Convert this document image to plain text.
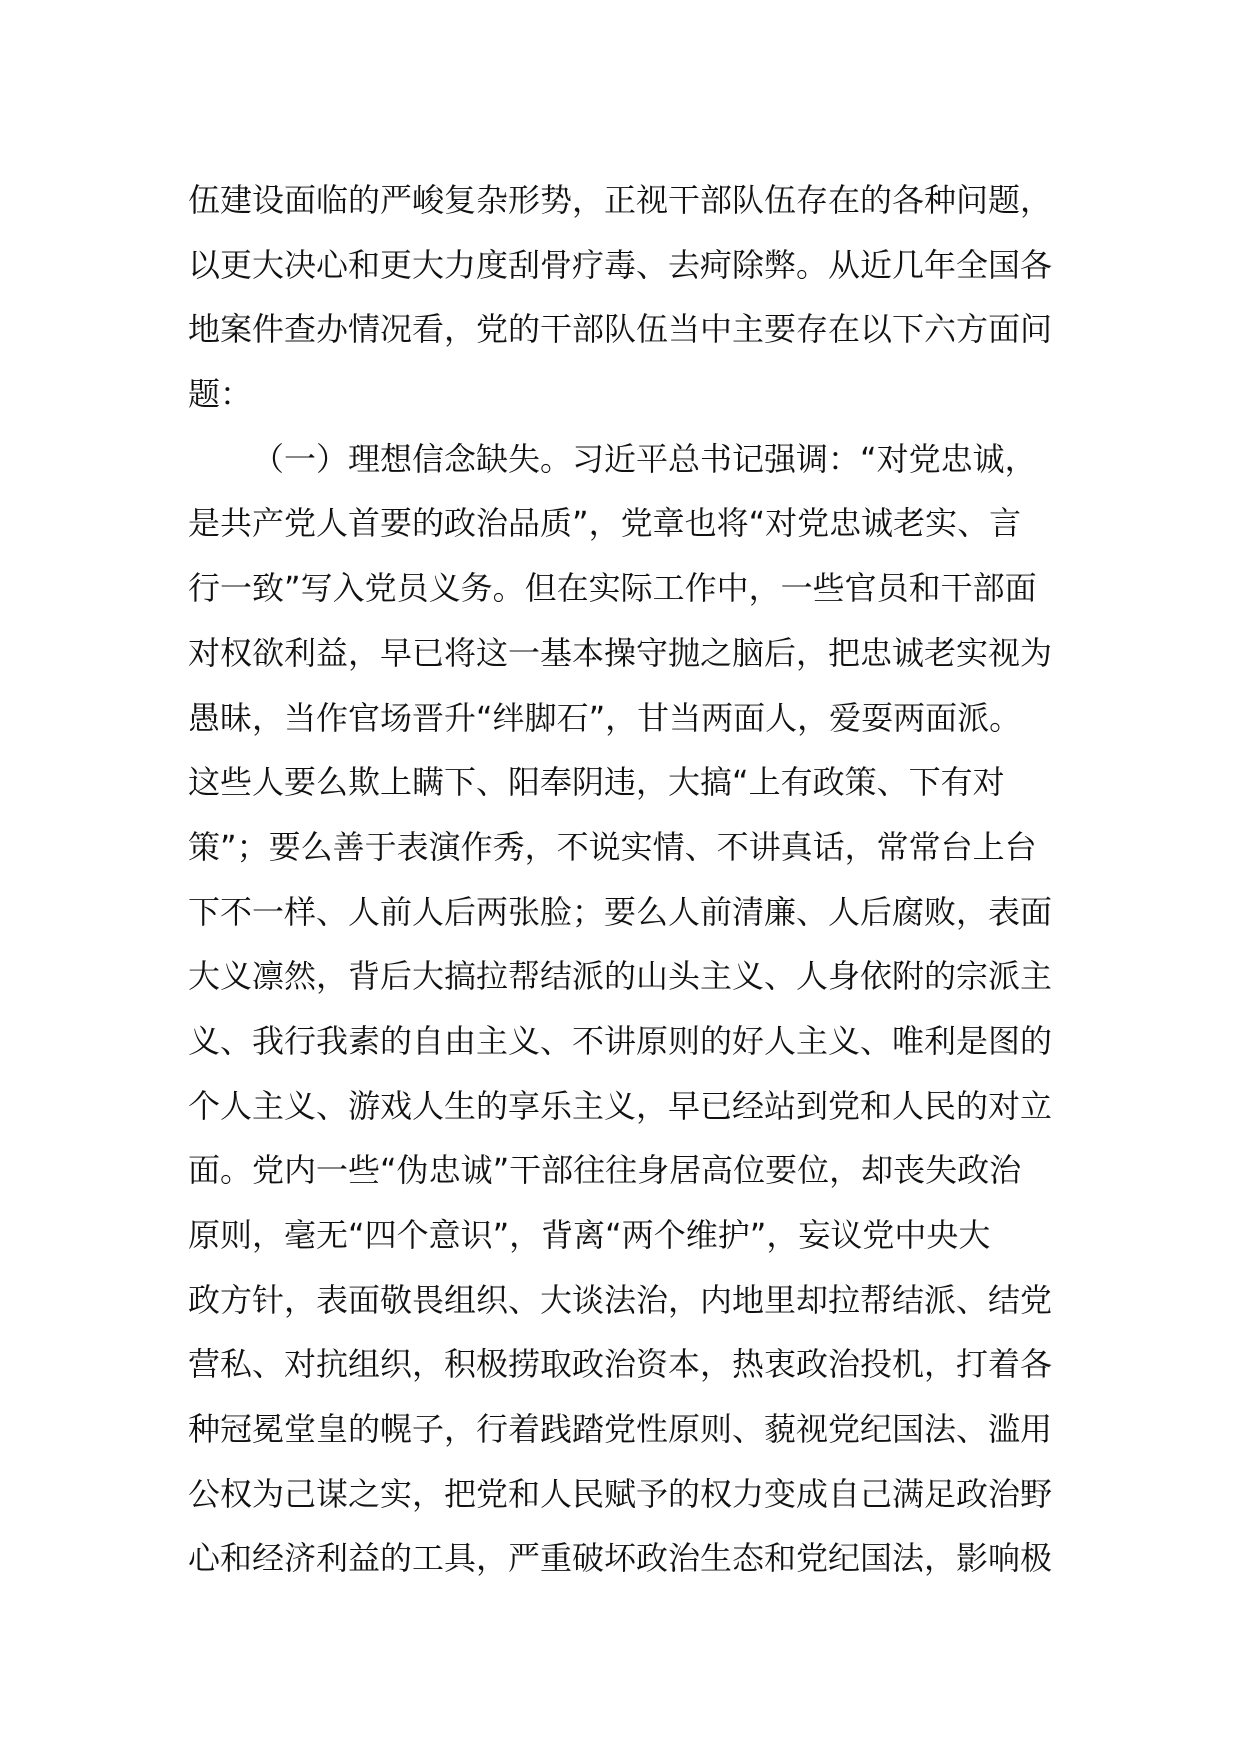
伍建设面临的严峻复杂形势，正视干部队伍存在的各种问题，
以更大决心和更大力度刮骨疗毒、去疴除弊。从近几年全国各
地案件查办情况看，党的干部队伍当中主要存在以下六方面问
题：
（一）理想信念缺失。习近平总书记强调：“对党忠诚，
是共产党人首要的政治品质”，党章也将“对党忠诚老实、言
行一致”写入党员义务。但在实际工作中，一些官员和干部面
对权欲利益，早已将这一基本操守抛之脑后，把忠诚老实视为
愚昧，当作官场晋升“绊脚石”，甘当两面人，爱耍两面派。
这些人要么欺上瞒下、阳奉阴违，大搞“上有政策、下有对
策”；要么善于表演作秀，不说实情、不讲真话，常常台上台
下不一样、人前人后两张脸；要么人前清廉、人后腐败，表面
大义凛然，背后大搞拉帮结派的山头主义、人身依附的宗派主
义、我行我素的自由主义、不讲原则的好人主义、唯利是图的
个人主义、游戏人生的享乐主义，早已经站到党和人民的对立
面。党内一些“伪忠诚”干部往往身居高位要位，却丧失政治
原则，毫无“四个意识”，背离“两个维护”，妄议党中央大
政方针，表面敬畏组织、大谈法治，内地里却拉帮结派、结党
营私、对抗组织，积极捞取政治资本，热衷政治投机，打着各
种冠冕堂皇的幌子，行着践踏党性原则、藐视党纪国法、滥用
公权为己谋之实，把党和人民赋予的权力变成自己满足政治野
心和经济利益的工具，严重破坏政治生态和党纪国法，影响极
